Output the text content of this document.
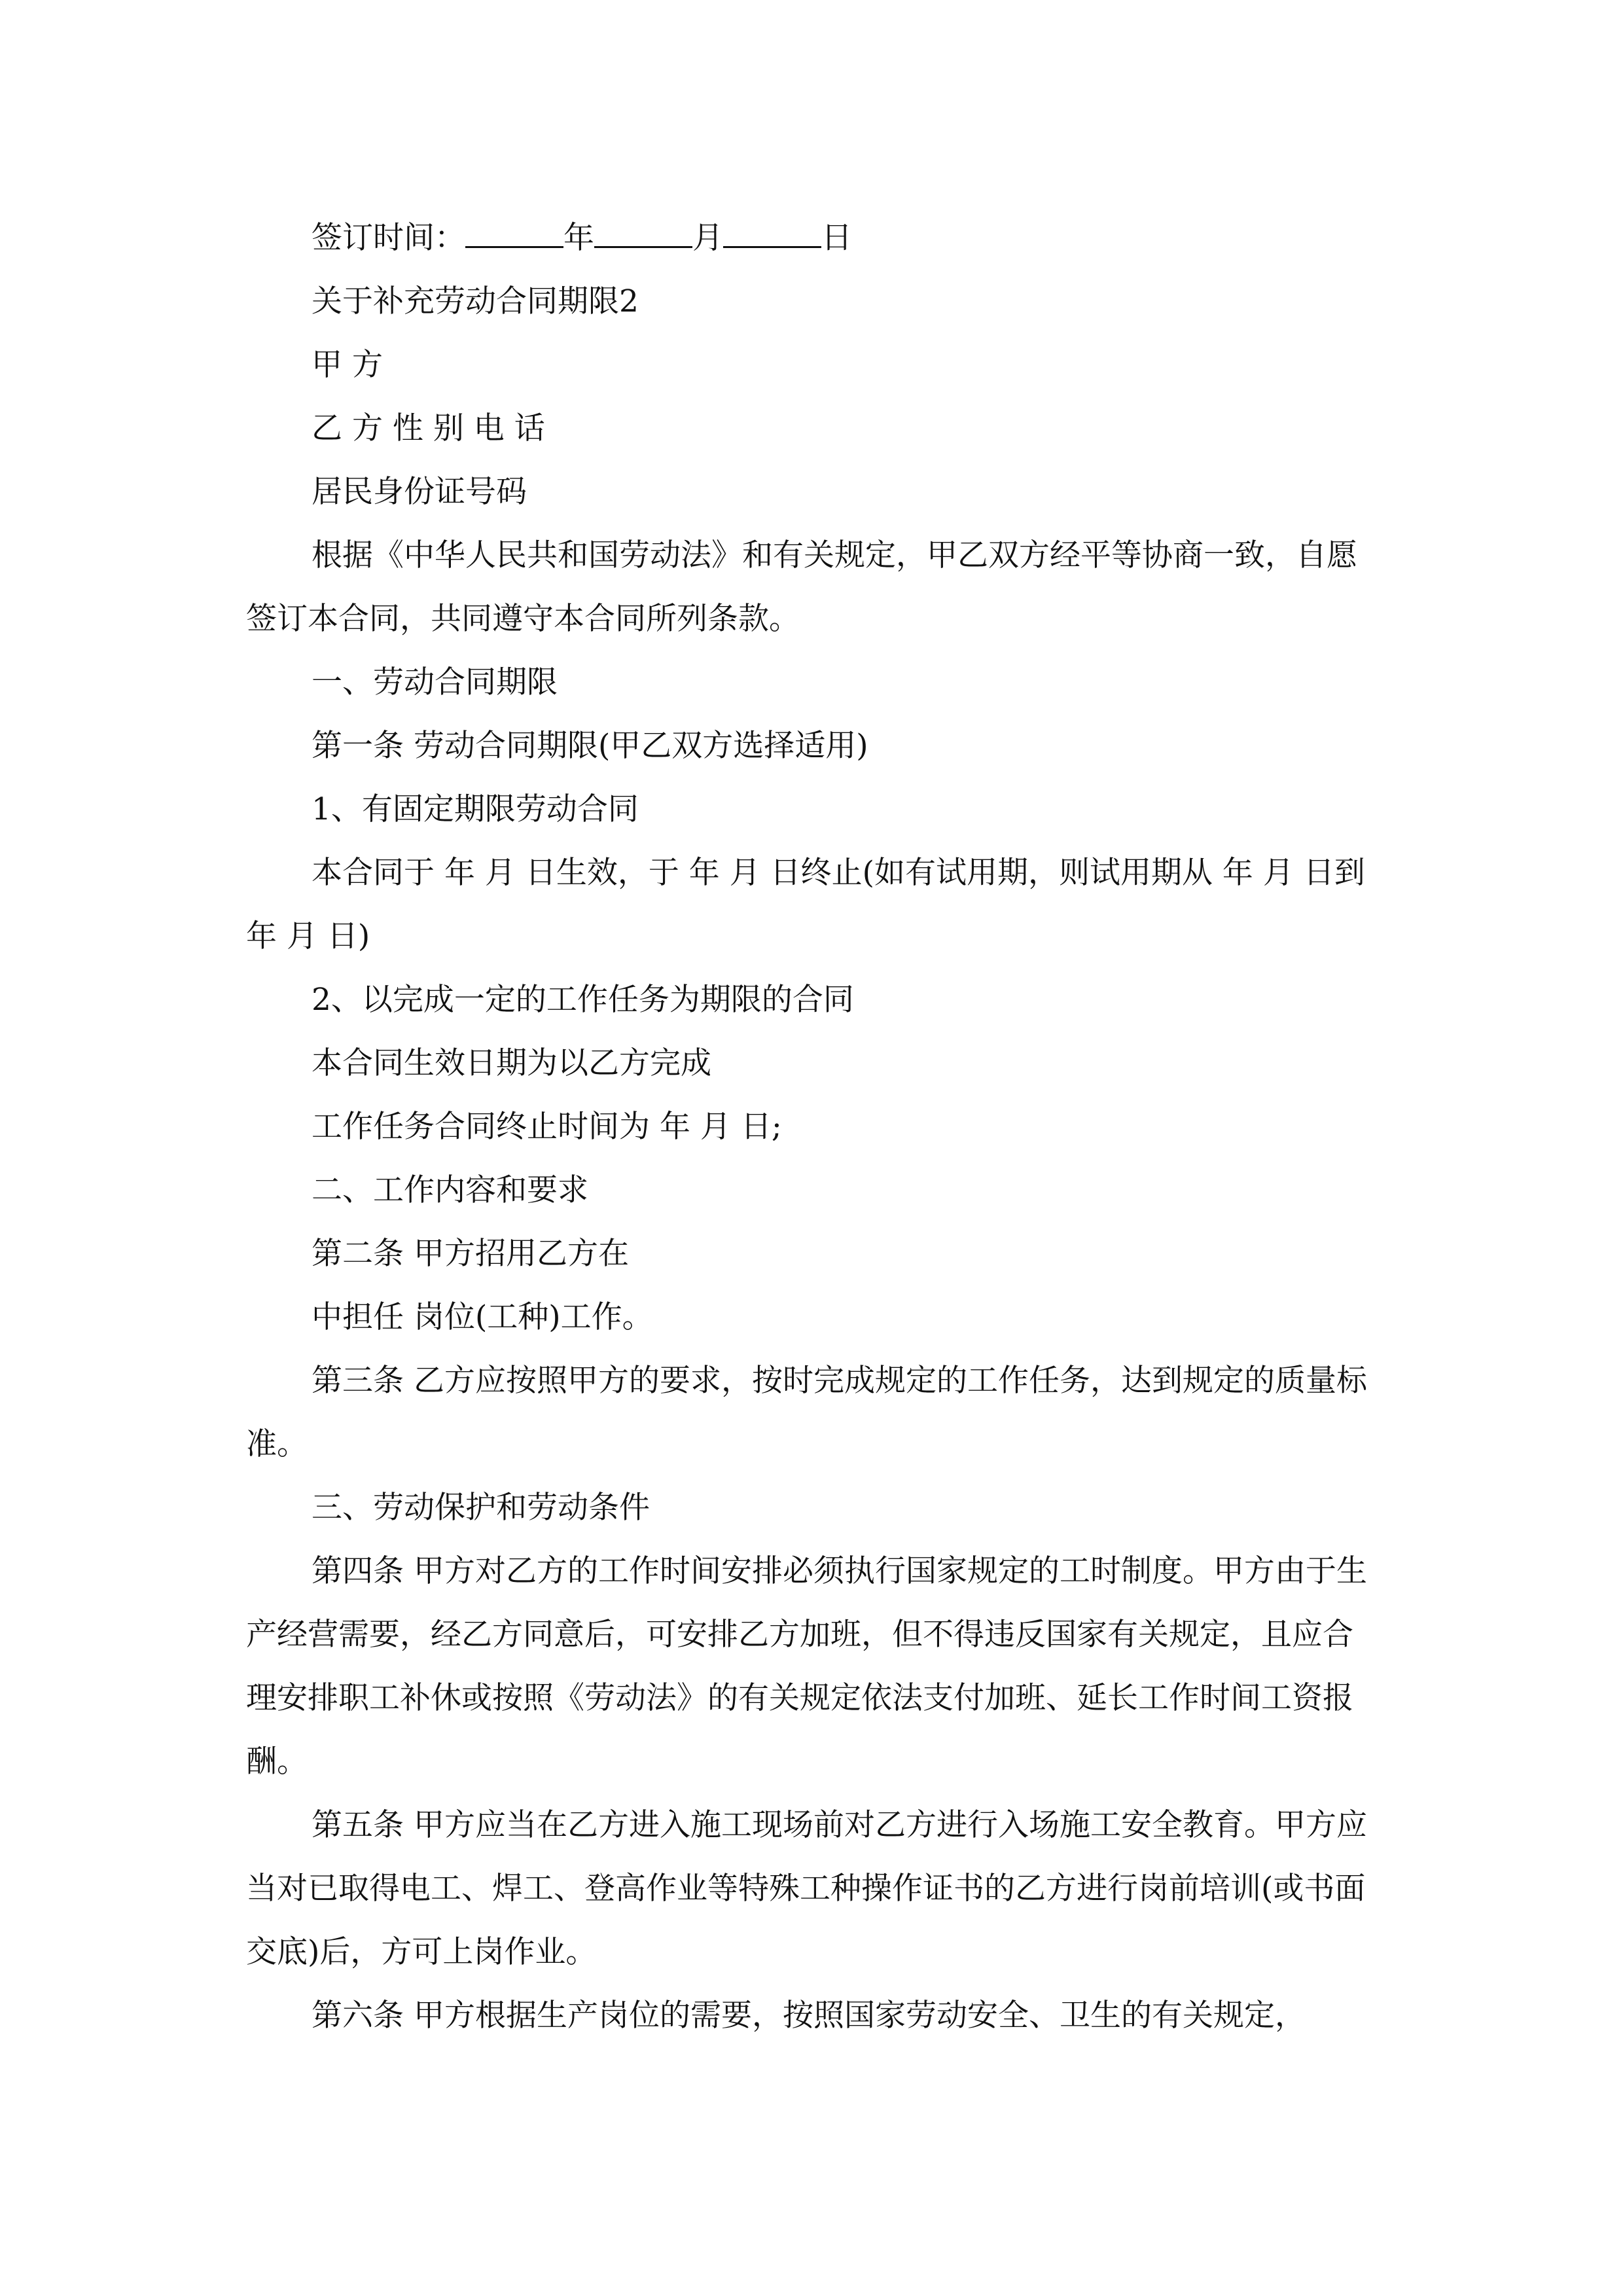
签订时间：	年	月	日

关于补充劳动合同期限2

甲 方

乙 方 性 别 电 话

居民身份证号码

根据《中华人民共和国劳动法》和有关规定，甲乙双方经平等协商一致，自愿签订本合同，共同遵守本合同所列条款。

一、劳动合同期限

第一条 劳动合同期限(甲乙双方选择适用)

1、有固定期限劳动合同

本合同于 年 月 日生效，于 年 月 日终止(如有试用期，则试用期从 年 月 日到 年 月 日)

2、以完成一定的工作任务为期限的合同

本合同生效日期为以乙方完成

工作任务合同终止时间为 年 月 日;

二、工作内容和要求

第二条 甲方招用乙方在

中担任 岗位(工种)工作。

第三条 乙方应按照甲方的要求，按时完成规定的工作任务，达到规定的质量标准。

三、劳动保护和劳动条件

第四条 甲方对乙方的工作时间安排必须执行国家规定的工时制度。甲方由于生产经营需要，经乙方同意后，可安排乙方加班，但不得违反国家有关规定，且应合理安排职工补休或按照《劳动法》的有关规定依法支付加班、延长工作时间工资报酬。

第五条 甲方应当在乙方进入施工现场前对乙方进行入场施工安全教育。甲方应当对已取得电工、焊工、登高作业等特殊工种操作证书的乙方进行岗前培训(或书面交底)后，方可上岗作业。

第六条 甲方根据生产岗位的需要，按照国家劳动安全、卫生的有关规定，
